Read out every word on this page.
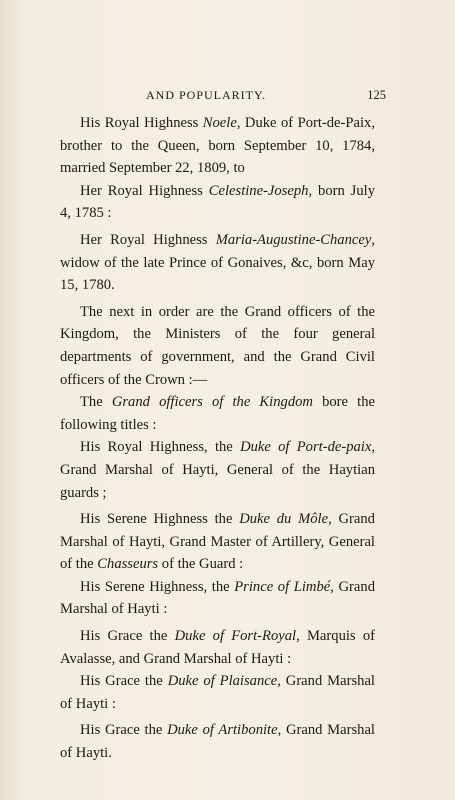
AND POPULARITY.	125

His Royal Highness Noele, Duke of Port-de-Paix, brother to the Queen, born September 10, 1784, married September 22, 1809, to

Her Royal Highness Celestine-Joseph, born July 4, 1785 :

Her Royal Highness Maria-Augustine-Chancey, widow of the late Prince of Gonaives, &c, born May 15, 1780.

The next in order are the Grand officers of the Kingdom, the Ministers of the four general departments of government, and the Grand Civil officers of the Crown :—

The Grand officers of the Kingdom bore the following titles :

His Royal Highness, the Duke of Port-de-paix, Grand Marshal of Hayti, General of the Haytian guards ;

His Serene Highness the Duke du Môle, Grand Marshal of Hayti, Grand Master of Artillery, General of the Chasseurs of the Guard :

His Serene Highness, the Prince of Limbé, Grand Marshal of Hayti :

His Grace the Duke of Fort-Royal, Marquis of Avalasse, and Grand Marshal of Hayti :

His Grace the Duke of Plaisance, Grand Marshal of Hayti :

His Grace the Duke of Artibonite, Grand Marshal of Hayti.
